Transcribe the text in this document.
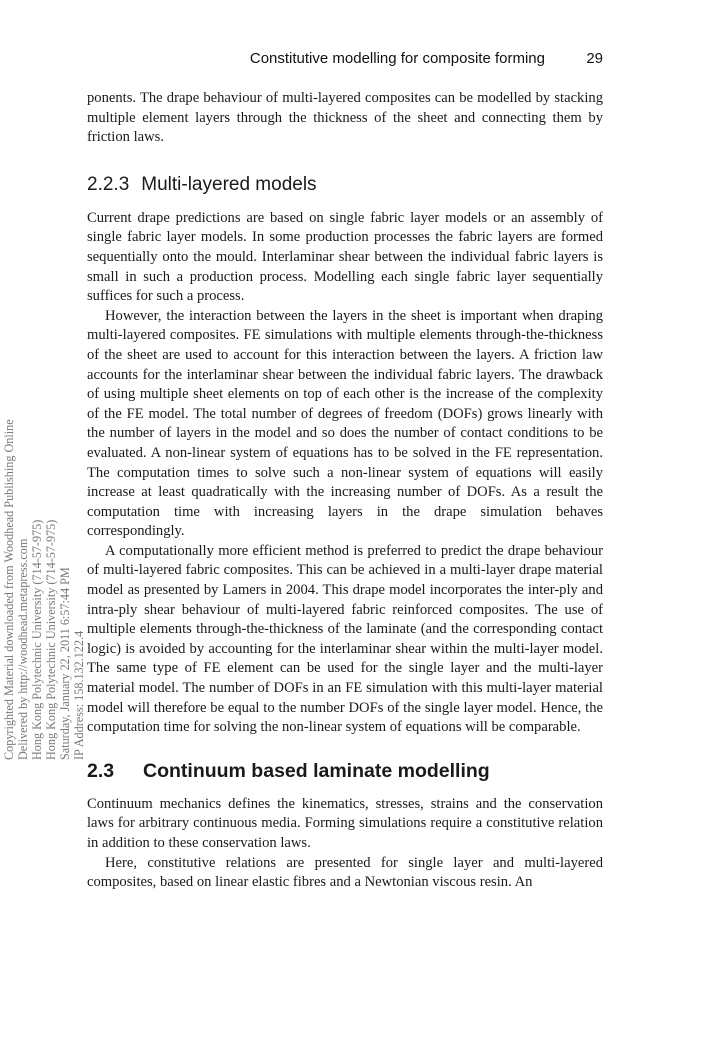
Constitutive modelling for composite forming	29

ponents. The drape behaviour of multi-layered composites can be modelled by stacking multiple element layers through the thickness of the sheet and connecting them by friction laws.

2.2.3 Multi-layered models

Current drape predictions are based on single fabric layer models or an assembly of single fabric layer models. In some production processes the fabric layers are formed sequentially onto the mould. Interlaminar shear between the individual fabric layers is small in such a production process. Modelling each single fabric layer sequentially suffices for such a process.

However, the interaction between the layers in the sheet is important when draping multi-layered composites. FE simulations with multiple elements through-the-thickness of the sheet are used to account for this interaction between the layers. A friction law accounts for the interlaminar shear between the individual fabric layers. The drawback of using multiple sheet elements on top of each other is the increase of the complexity of the FE model. The total number of degrees of freedom (DOFs) grows linearly with the number of layers in the model and so does the number of contact conditions to be evaluated. A non-linear system of equations has to be solved in the FE representation. The computation times to solve such a non-linear system of equations will easily increase at least quadratically with the increasing number of DOFs. As a result the computation time with increasing layers in the drape simulation behaves correspondingly.

A computationally more efficient method is preferred to predict the drape behaviour of multi-layered fabric composites. This can be achieved in a multi-layer drape material model as presented by Lamers in 2004. This drape model incorporates the inter-ply and intra-ply shear behaviour of multi-layered fabric reinforced composites. The use of multiple elements through-the-thickness of the laminate (and the corresponding contact logic) is avoided by accounting for the interlaminar shear within the multi-layer model. The same type of FE element can be used for the single layer and the multi-layer material model. The number of DOFs in an FE simulation with this multi-layer material model will therefore be equal to the number DOFs of the single layer model. Hence, the computation time for solving the non-linear system of equations will be comparable.

2.3 Continuum based laminate modelling

Continuum mechanics defines the kinematics, stresses, strains and the conservation laws for arbitrary continuous media. Forming simulations require a constitutive relation in addition to these conservation laws.

Here, constitutive relations are presented for single layer and multi-layered composites, based on linear elastic fibres and a Newtonian viscous resin. An

Copyrighted Material downloaded from Woodhead Publishing Online Delivered by http://woodhead.metapress.com Hong Kong Polytechnic University (714-57-975) Hong Kong Polytechnic University (714-57-975) Saturday, January 22, 2011 6:57:44 PM IP Address: 158.132.122.4
